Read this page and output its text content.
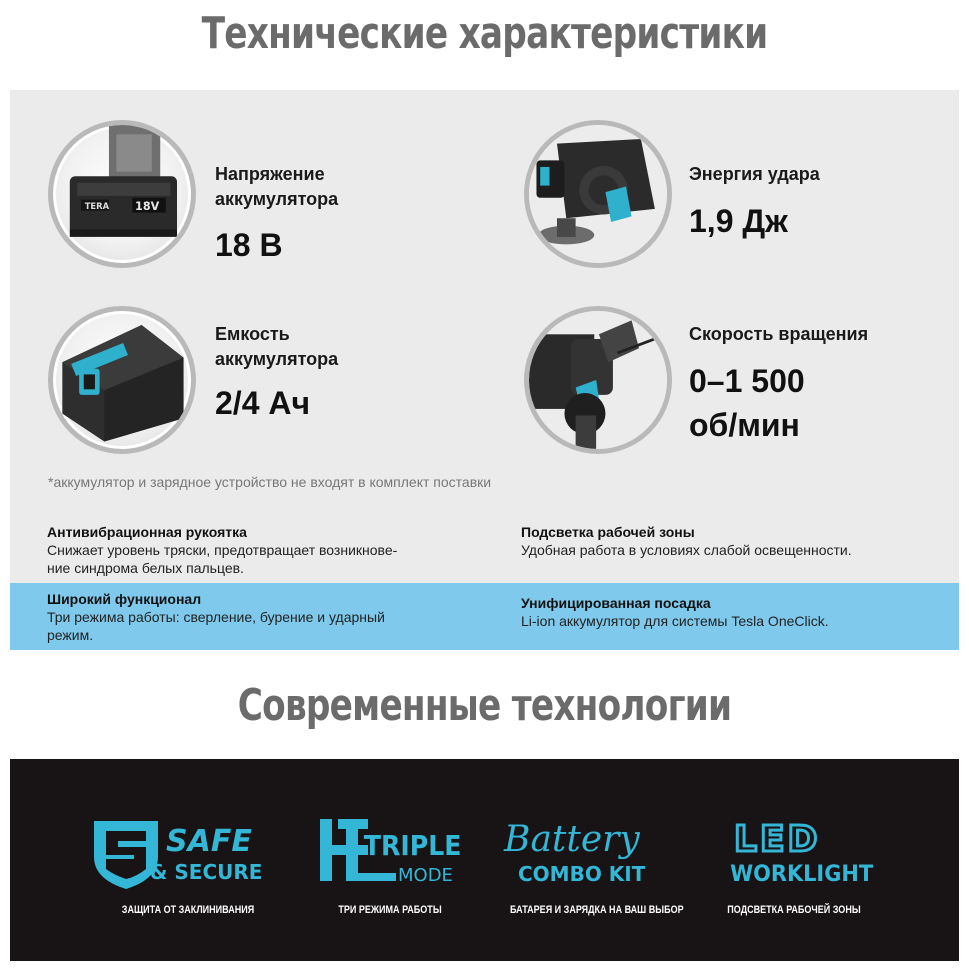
Технические характеристики
TERA 18V
Напряжение
аккумулятора
18 В
Энергия удара
1,9 Дж
Емкость
аккумулятора
2/4 Ач
Скорость вращения
0–1 500
об/мин
*аккумулятор и зарядное устройство не входят в комплект поставки
Антивибрационная рукоятка
Снижает уровень тряски, предотвращает возникнове-
ние синдрома белых пальцев.
Подсветка рабочей зоны
Удобная работа в условиях слабой освещенности.
Широкий функционал
Три режима работы: сверление, бурение и ударный
режим.
Унифицированная посадка
Li-ion аккумулятор для системы Tesla OneClick.
Современные технологии
SAFE
& SECURE
ЗАЩИТА ОТ ЗАКЛИНИВАНИЯ
TRIPLE
MODE
ТРИ РЕЖИМА РАБОТЫ
Battery
COMBO KIT
БАТАРЕЯ И ЗАРЯДКА НА ВАШ ВЫБОР
LED
WORKLIGHT
ПОДСВЕТКА РАБОЧЕЙ ЗОНЫ
